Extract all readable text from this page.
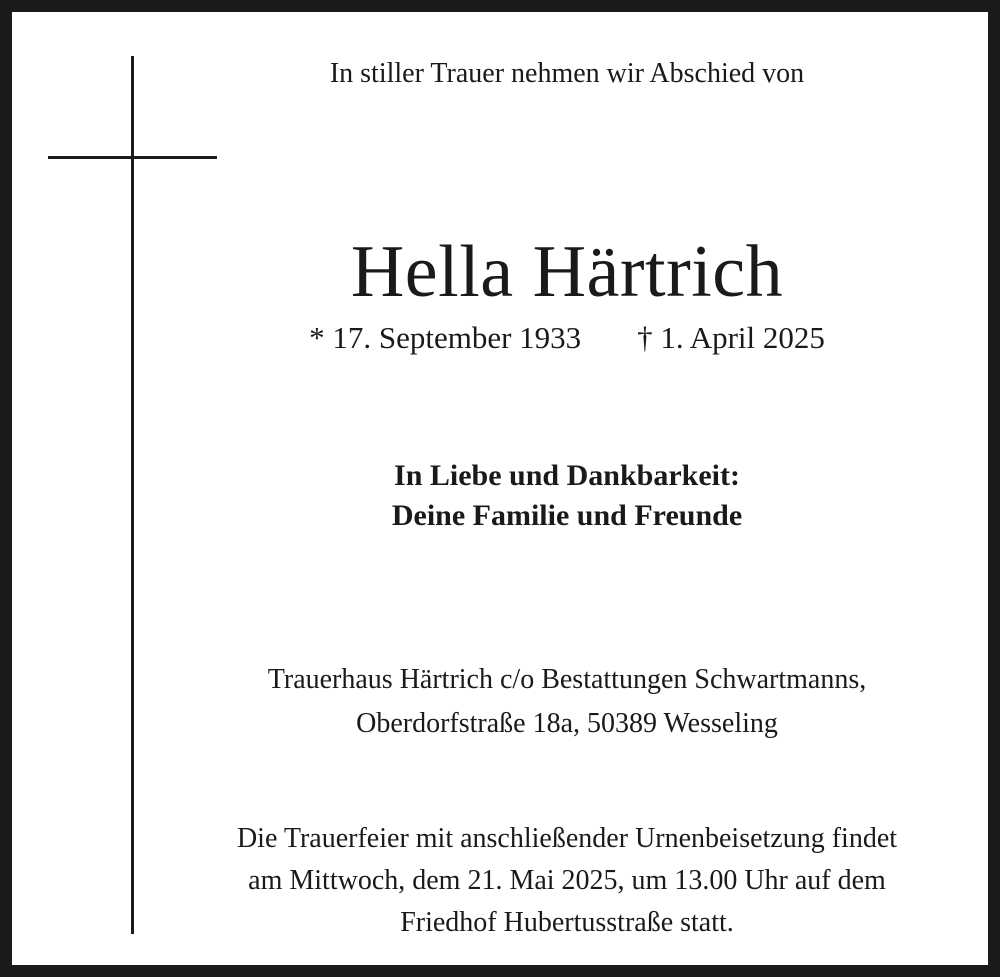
In stiller Trauer nehmen wir Abschied von
Hella Härtrich
* 17. September 1933 † 1. April 2025
In Liebe und Dankbarkeit:
Deine Familie und Freunde
Trauerhaus Härtrich c/o Bestattungen Schwartmanns,
Oberdorfstraße 18a, 50389 Wesseling
Die Trauerfeier mit anschließender Urnenbeisetzung findet
am Mittwoch, dem 21. Mai 2025, um 13.00 Uhr auf dem
Friedhof Hubertusstraße statt.
